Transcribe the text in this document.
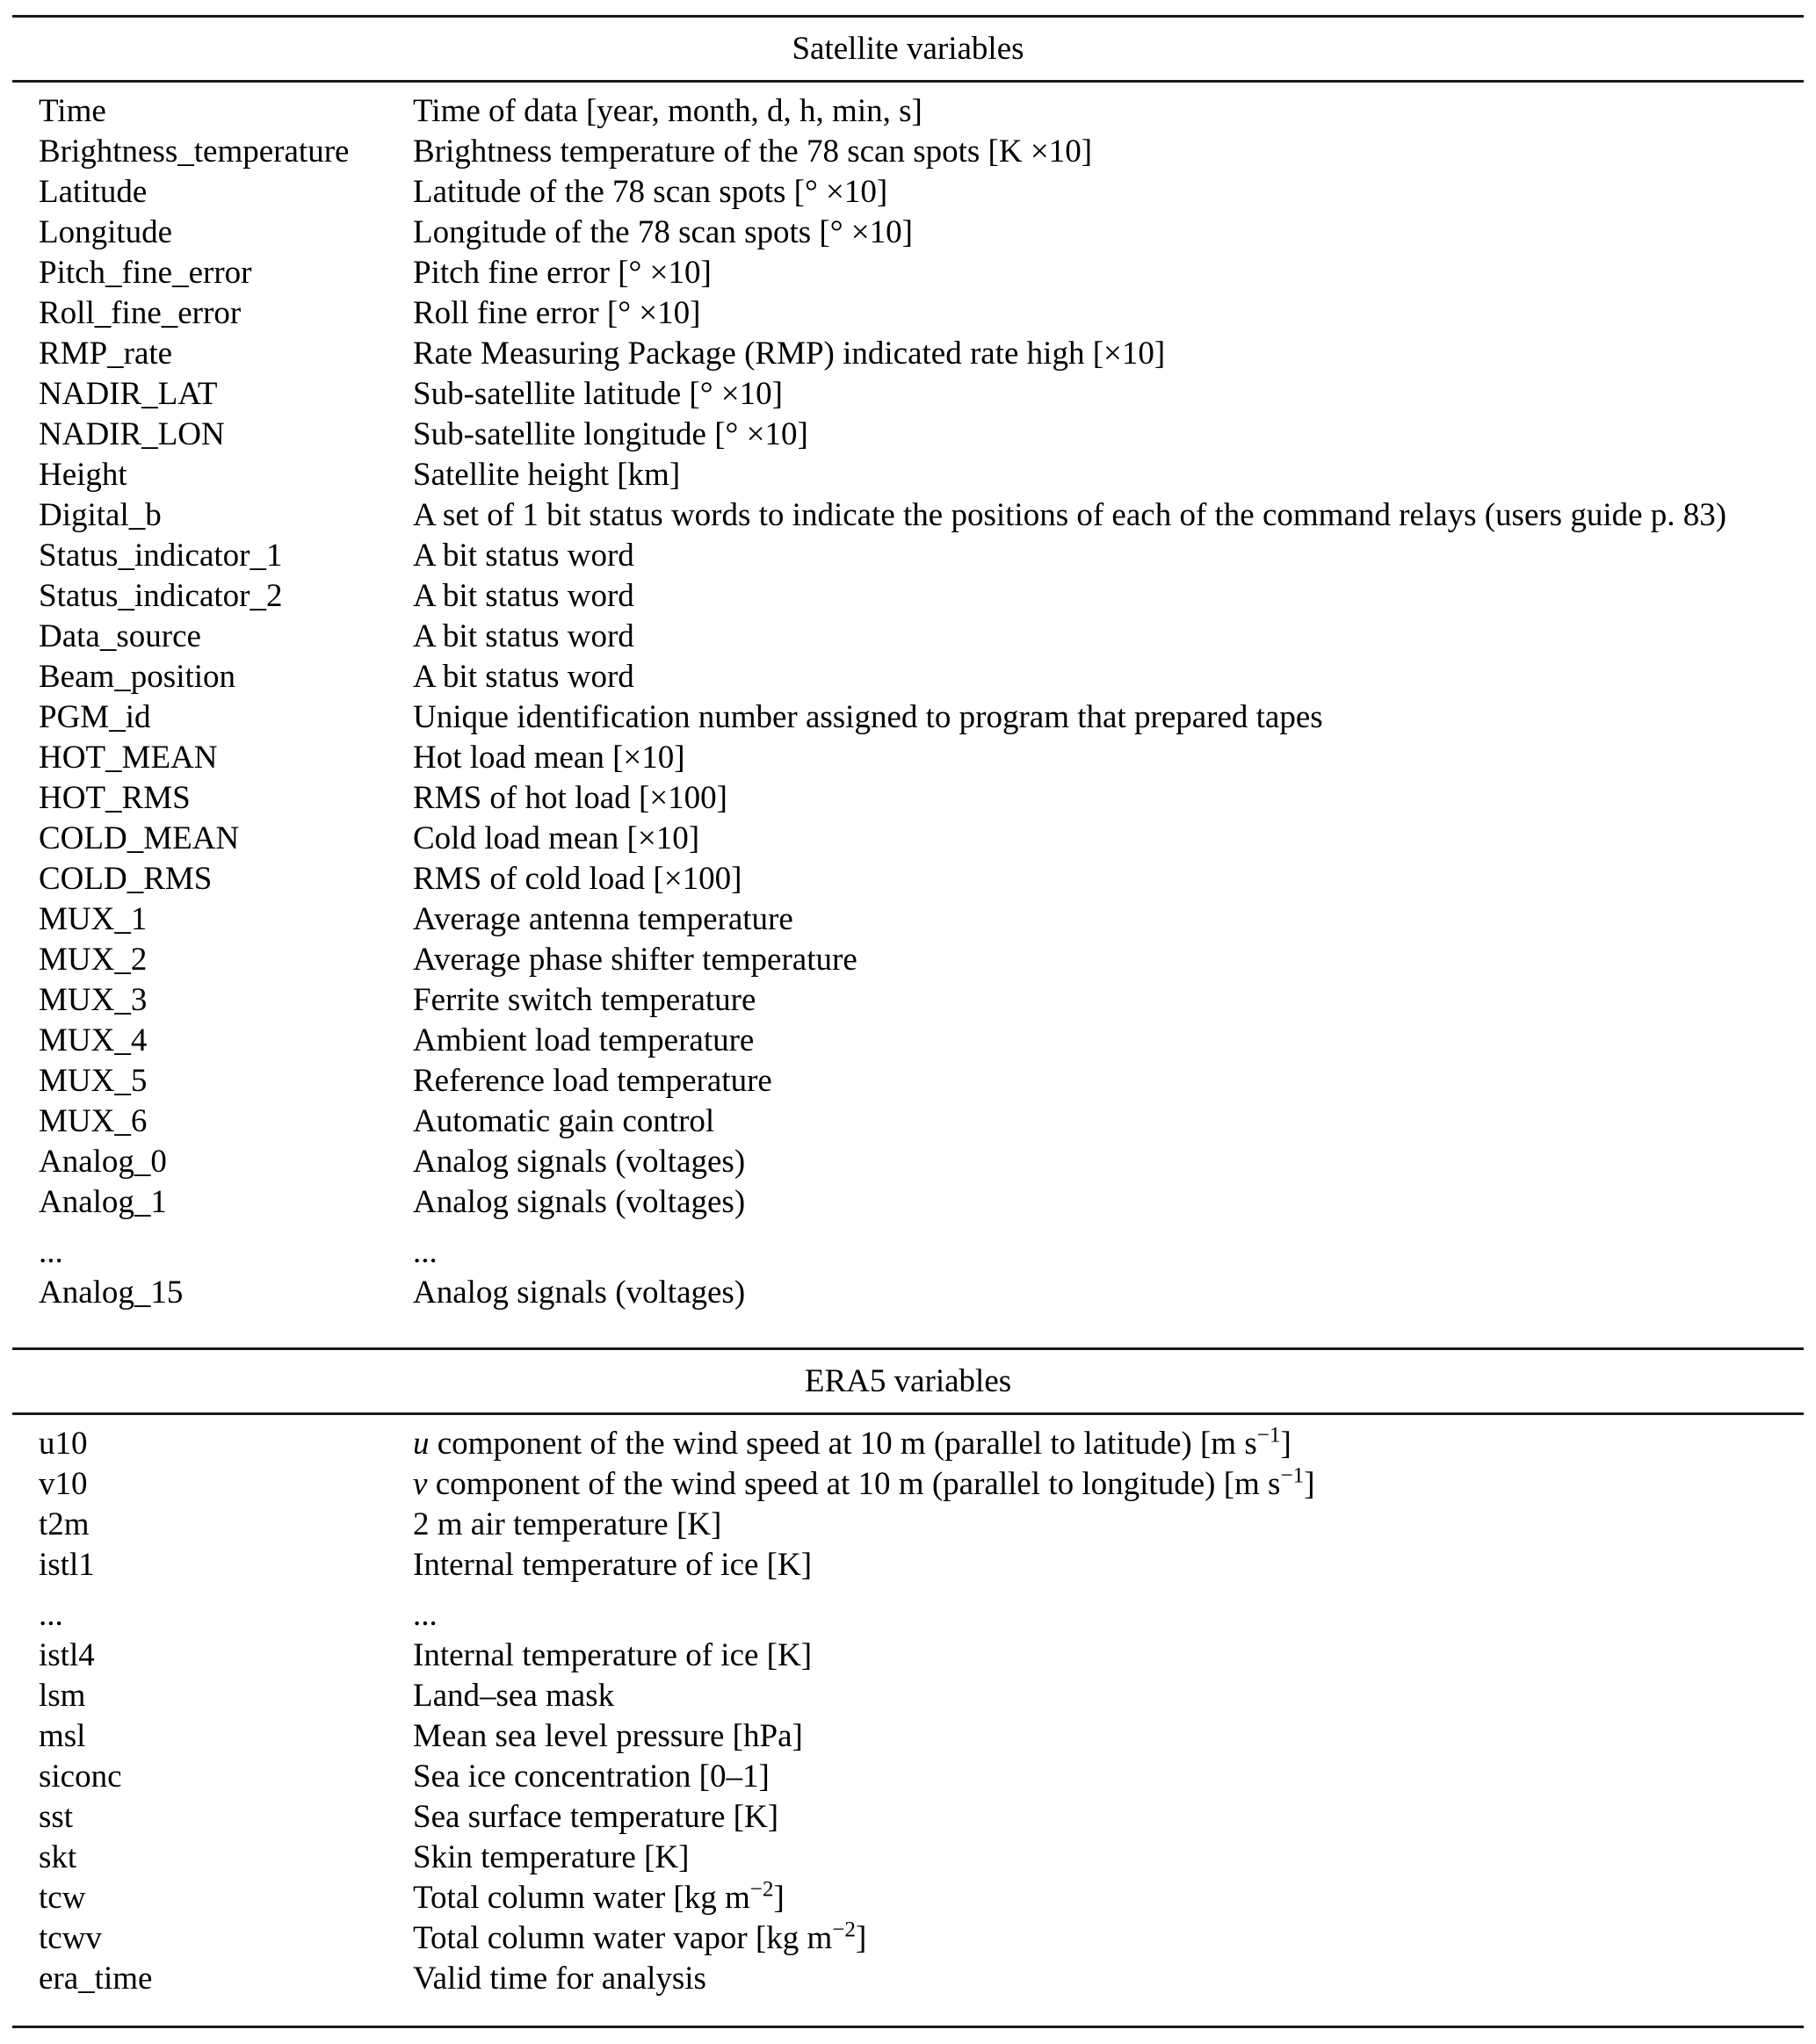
Satellite variables
Time	Time of data [year, month, d, h, min, s]
Brightness_temperature	Brightness temperature of the 78 scan spots [K ×10]
Latitude	Latitude of the 78 scan spots [° ×10]
Longitude	Longitude of the 78 scan spots [° ×10]
Pitch_fine_error	Pitch fine error [° ×10]
Roll_fine_error	Roll fine error [° ×10]
RMP_rate	Rate Measuring Package (RMP) indicated rate high [×10]
NADIR_LAT	Sub-satellite latitude [° ×10]
NADIR_LON	Sub-satellite longitude [° ×10]
Height	Satellite height [km]
Digital_b	A set of 1 bit status words to indicate the positions of each of the command relays (users guide p. 83)
Status_indicator_1	A bit status word
Status_indicator_2	A bit status word
Data_source	A bit status word
Beam_position	A bit status word
PGM_id	Unique identification number assigned to program that prepared tapes
HOT_MEAN	Hot load mean [×10]
HOT_RMS	RMS of hot load [×100]
COLD_MEAN	Cold load mean [×10]
COLD_RMS	RMS of cold load [×100]
MUX_1	Average antenna temperature
MUX_2	Average phase shifter temperature
MUX_3	Ferrite switch temperature
MUX_4	Ambient load temperature
MUX_5	Reference load temperature
MUX_6	Automatic gain control
Analog_0	Analog signals (voltages)
Analog_1	Analog signals (voltages)
...	...
Analog_15	Analog signals (voltages)
ERA5 variables
u10	u component of the wind speed at 10 m (parallel to latitude) [m $s^{-1}$]
v10	v component of the wind speed at 10 m (parallel to longitude) [m $s^{-1}$]
t2m	2 m air temperature [K]
istl1	Internal temperature of ice [K]
...	...
istl4	Internal temperature of ice [K]
lsm	Land–sea mask
msl	Mean sea level pressure [hPa]
siconc	Sea ice concentration [0–1]
sst	Sea surface temperature [K]
skt	Skin temperature [K]
tcw	Total column water [kg $m^{-2}$]
tcwv	Total column water vapor [kg $m^{-2}$]
era_time	Valid time for analysis
